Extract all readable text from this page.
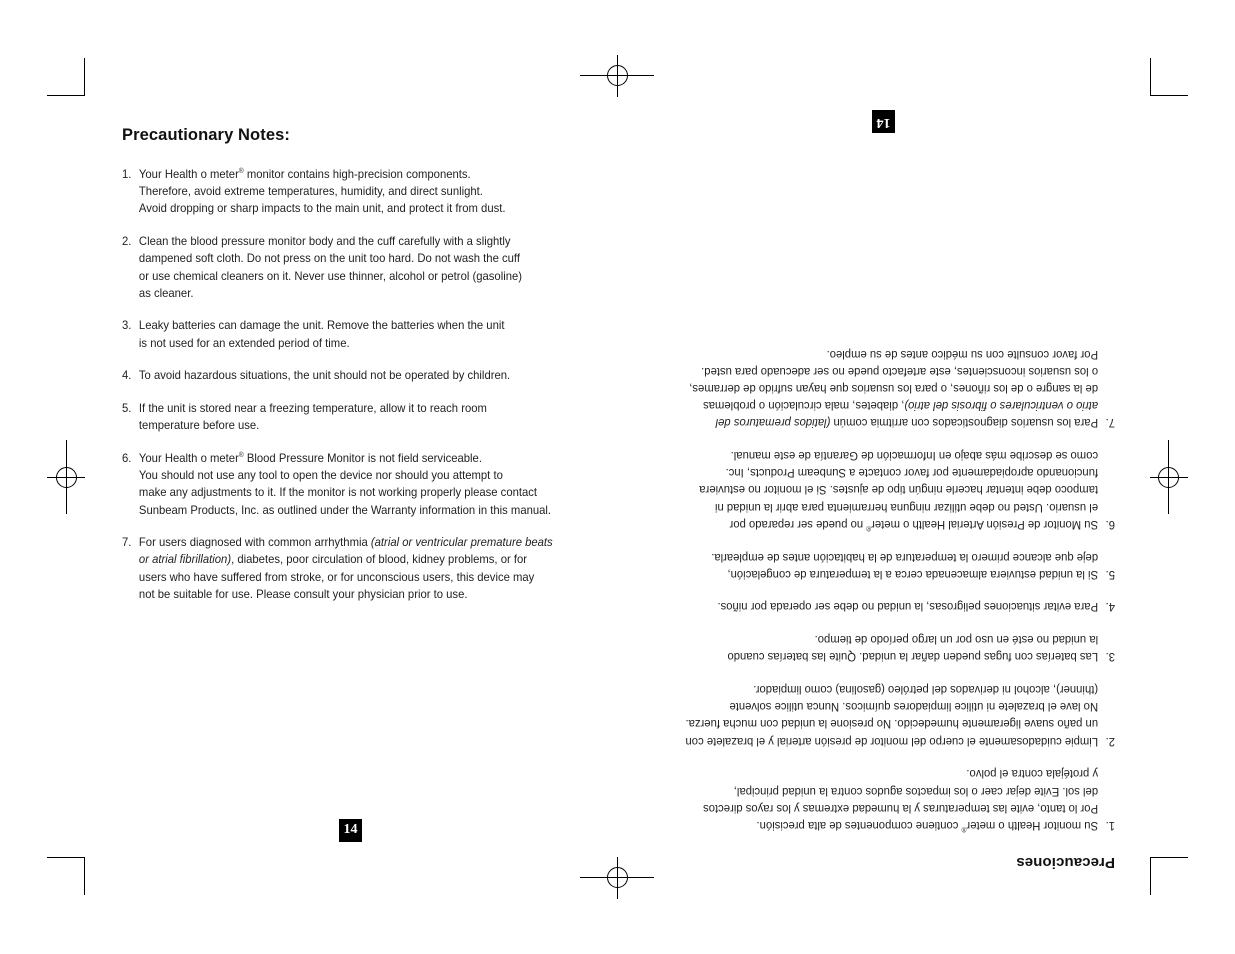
Precautionary Notes:
1. Your Health o meter® monitor contains high-precision components.
Therefore, avoid extreme temperatures, humidity, and direct sunlight.
Avoid dropping or sharp impacts to the main unit, and protect it from dust.
2. Clean the blood pressure monitor body and the cuff carefully with a slightly
dampened soft cloth. Do not press on the unit too hard. Do not wash the cuff
or use chemical cleaners on it. Never use thinner, alcohol or petrol (gasoline)
as cleaner.
3. Leaky batteries can damage the unit. Remove the batteries when the unit
is not used for an extended period of time.
4. To avoid hazardous situations, the unit should not be operated by children.
5. If the unit is stored near a freezing temperature, allow it to reach room
temperature before use.
6. Your Health o meter® Blood Pressure Monitor is not field serviceable.
You should not use any tool to open the device nor should you attempt to
make any adjustments to it. If the monitor is not working properly please contact
Sunbeam Products, Inc. as outlined under the Warranty information in this manual.
7. For users diagnosed with common arrhythmia (atrial or ventricular premature beats
or atrial fibrillation), diabetes, poor circulation of blood, kidney problems, or for
users who have suffered from stroke, or for unconscious users, this device may
not be suitable for use. Please consult your physician prior to use.
14
Precauciones
1.
Su monitor Health o meter® contiene componentes de alta precisión.
Por lo tanto, evite las temperaturas y la humedad extremas y los rayos directos
del sol. Evite dejar caer o los impactos agudos contra la unidad principal,
y protéjala contra el polvo.
2.
Limpie cuidadosamente el cuerpo del monitor de presión arterial y el brazalete con
un paño suave ligeramente humedecido. No presione la unidad con mucha fuerza.
No lave el brazalete ni utilice limpiadores químicos. Nunca utilice solvente
(thinner), alcohol ni derivados del petróleo (gasolina) como limpiador.
3.
Las baterías con fugas pueden dañar la unidad. Quite las baterías cuando
la unidad no esté en uso por un largo período de tiempo.
4.
Para evitar situaciones peligrosas, la unidad no debe ser operada por niños.
5.
Si la unidad estuviera almacenada cerca a la temperatura de congelación,
deje que alcance primero la temperatura de la habitación antes de emplearla.
6.
Su Monitor de Presión Arterial Health o meter® no puede ser reparado por
el usuario. Usted no debe utilizar ninguna herramienta para abrir la unidad ni
tampoco debe intentar hacerle ningún tipo de ajustes. Si el monitor no estuviera
funcionando apropiadamente por favor contacte a Sunbeam Products, Inc.
como se describe más abajo en Información de Garantía de este manual.
7.
Para los usuarios diagnosticados con arritmia común (latidos prematuros del
atrio o ventriculares o fibrosis del atrio), diabetes, mala circulación o problemas
de la sangre o de los riñones, o para los usuarios que hayan sufrido de derrames,
o los usuarios inconscientes, este artefacto puede no ser adecuado para usted.
Por favor consulte con su médico antes de su empleo.
14
